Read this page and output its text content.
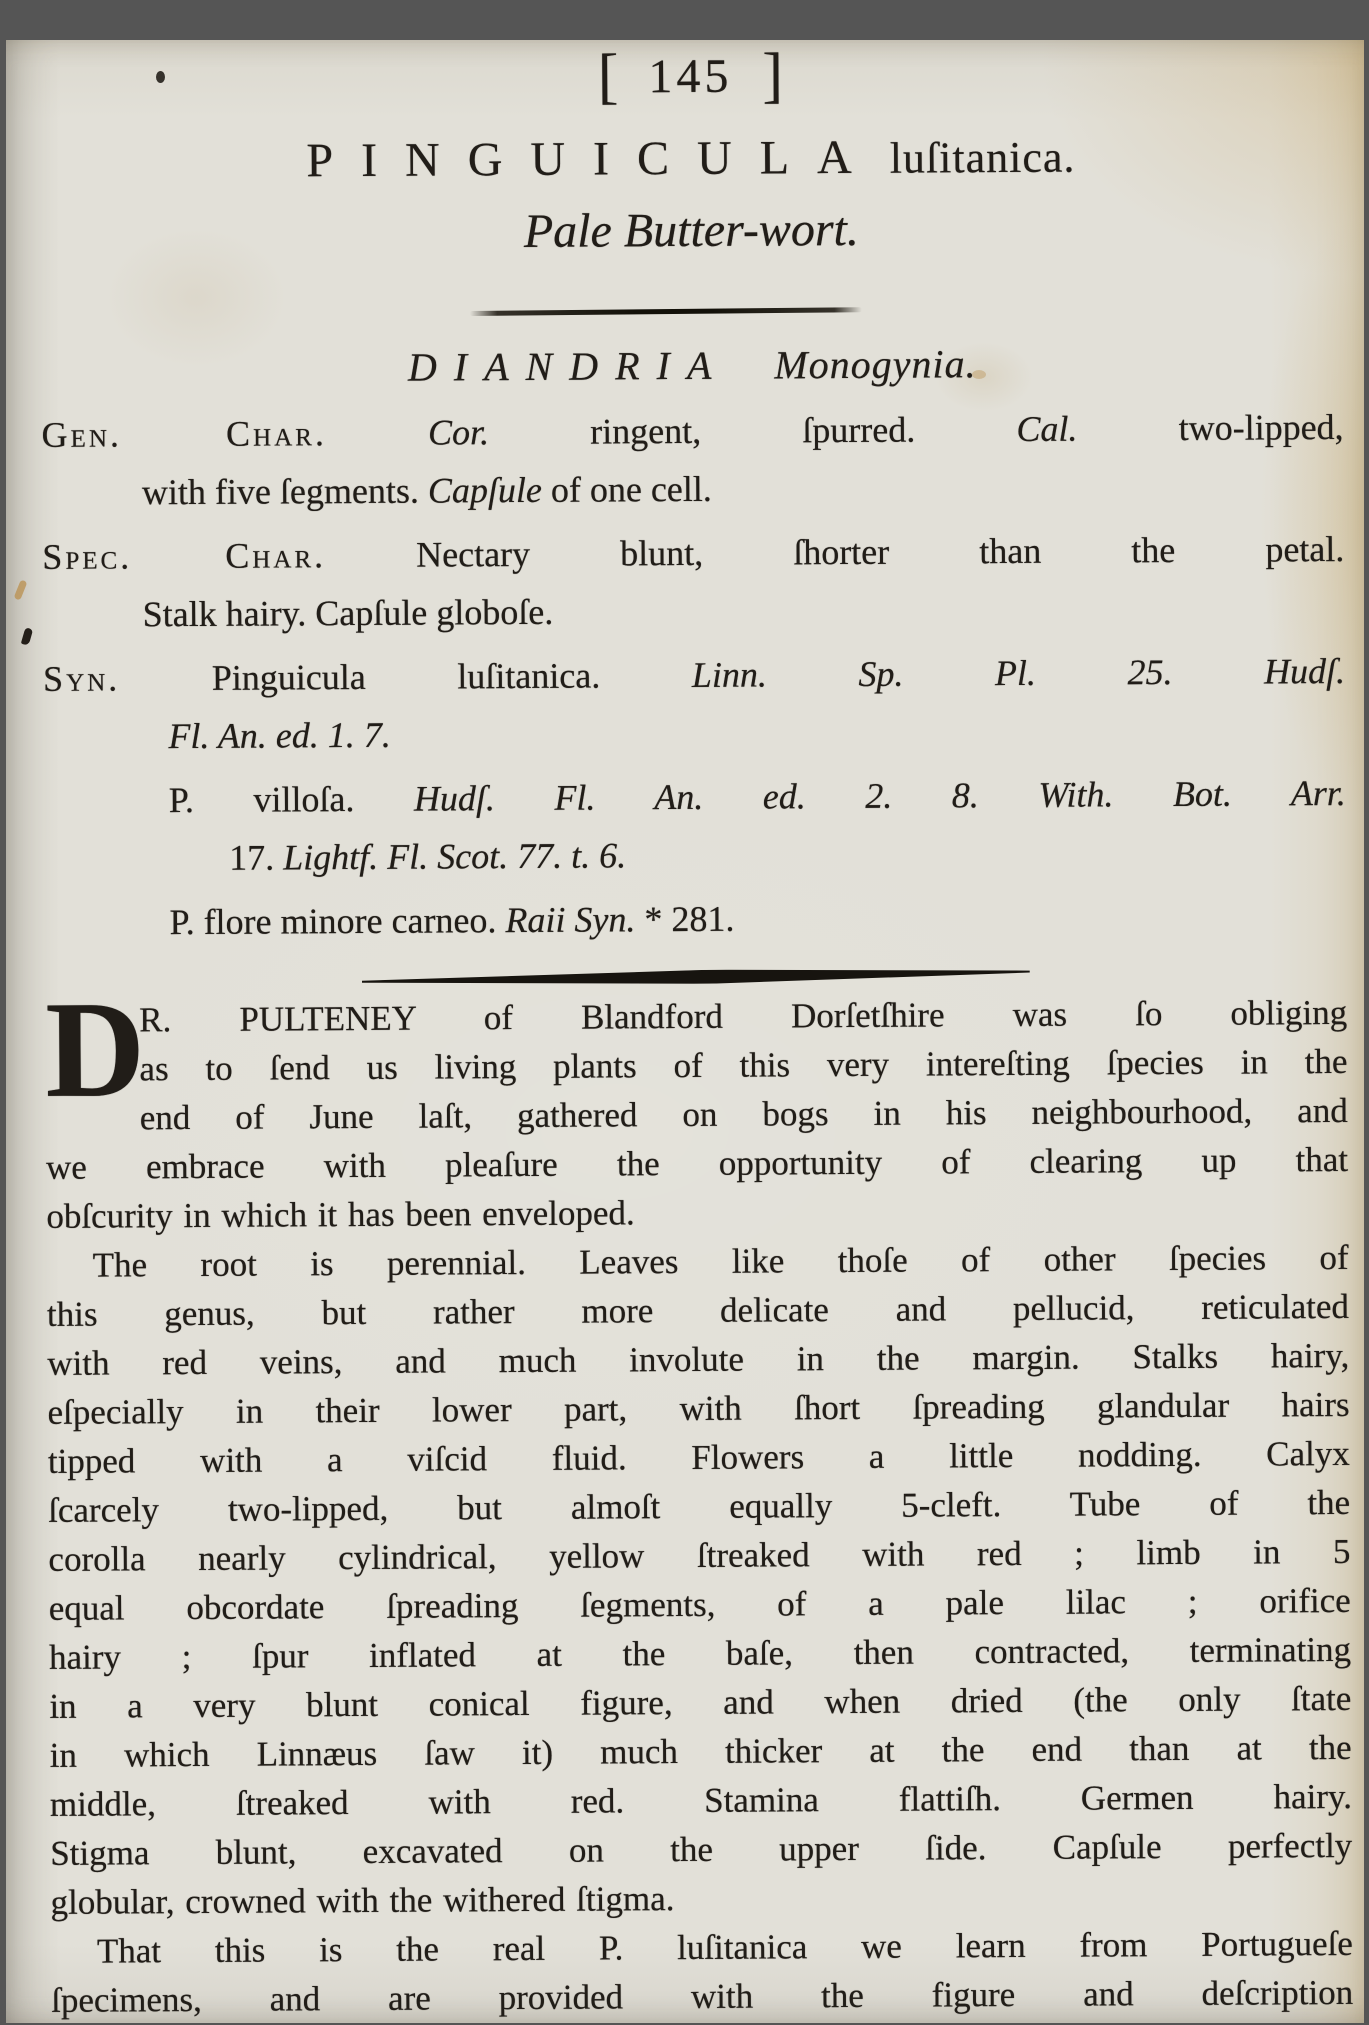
[ 145 ]
PINGUICULA luſitanica.
Pale Butter-wort.
DIANDRIA Monogynia.
Gen. Char.	Cor.	ringent, ſpurred.	Cal.	two-lipped,
with five ſegments. Capſule of one cell.
Spec. Char. Nectary blunt, ſhorter than the petal.
Stalk hairy. Capſule globoſe.
Syn.	Pinguicula luſitanica.	Linn. Sp. Pl. 25. Hudſ.
Fl. An. ed. 1. 7.
P. villoſa. Hudſ. Fl. An. ed. 2. 8. With. Bot. Arr.
17. Lightf. Fl. Scot. 77. t. 6.
P. flore minore carneo. Raii Syn. * 281.
D
R. PULTENEY of Blandford Dorſetſhire was ſo obliging
as to ſend us living plants of this very intereſting ſpecies in the
end of June laſt, gathered on bogs in his neighbourhood, and
we embrace with pleaſure the opportunity of clearing up that
obſcurity in which it has been enveloped.
The root is perennial. Leaves like thoſe of other ſpecies of
this genus, but rather more delicate and pellucid, reticulated
with red veins, and much involute in the margin. Stalks hairy,
eſpecially in their lower part, with ſhort ſpreading glandular hairs
tipped with a viſcid fluid. Flowers a little nodding. Calyx
ſcarcely two-lipped, but almoſt equally 5-cleft. Tube of the
corolla nearly cylindrical, yellow ſtreaked with red ; limb in 5
equal obcordate ſpreading ſegments, of a pale lilac ; orifice
hairy ; ſpur inflated at the baſe, then contracted, terminating
in a very blunt conical figure, and when dried (the only ſtate
in which Linnæus ſaw it) much thicker at the end than at the
middle, ſtreaked with red. Stamina flattiſh. Germen hairy.
Stigma blunt, excavated on the upper ſide. Capſule perfectly
globular, crowned with the withered ſtigma.
That this is the real P. luſitanica we learn from Portugueſe
ſpecimens, and are provided with the figure and deſcription
